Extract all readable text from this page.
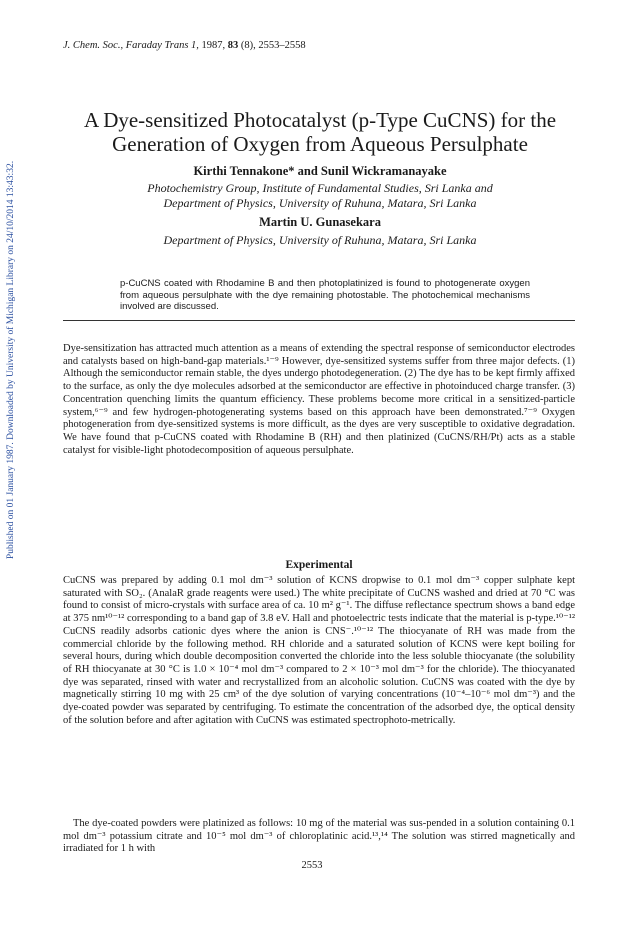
Published on 01 January 1987. Downloaded by University of Michigan Library on 24/10/2014 13:43:32.
J. Chem. Soc., Faraday Trans 1, 1987, 83 (8), 2553–2558
A Dye-sensitized Photocatalyst (p-Type CuCNS) for the
Generation of Oxygen from Aqueous Persulphate
Kirthi Tennakone* and Sunil Wickramanayake
Photochemistry Group, Institute of Fundamental Studies, Sri Lanka and
Department of Physics, University of Ruhuna, Matara, Sri Lanka
Martin U. Gunasekara
Department of Physics, University of Ruhuna, Matara, Sri Lanka
p-CuCNS coated with Rhodamine B and then photoplatinized is found to photogenerate oxygen from aqueous persulphate with the dye remaining photostable. The photochemical mechanisms involved are discussed.
Dye-sensitization has attracted much attention as a means of extending the spectral response of semiconductor electrodes and catalysts based on high-band-gap materials.¹⁻⁹ However, dye-sensitized systems suffer from three major defects. (1) Although the semiconductor remain stable, the dyes undergo photodegeneration. (2) The dye has to be kept firmly affixed to the surface, as only the dye molecules adsorbed at the semiconductor are effective in photoinduced charge transfer. (3) Concentration quenching limits the quantum efficiency. These problems become more critical in a sensitized-particle system,⁶⁻⁹ and few hydrogen-photogenerating systems based on this approach have been demonstrated.⁷⁻⁹ Oxygen photogeneration from dye-sensitized systems is more difficult, as the dyes are very susceptible to oxidative degradation. We have found that p-CuCNS coated with Rhodamine B (RH) and then platinized (CuCNS/RH/Pt) acts as a stable catalyst for visible-light photodecomposition of aqueous persulphate.
Experimental
CuCNS was prepared by adding 0.1 mol dm⁻³ solution of KCNS dropwise to 0.1 mol dm⁻³ copper sulphate kept saturated with SO₂. (AnalaR grade reagents were used.) The white precipitate of CuCNS washed and dried at 70 °C was found to consist of micro-crystals with surface area of ca. 10 m² g⁻¹. The diffuse reflectance spectrum shows a band edge at 375 nm¹⁰⁻¹² corresponding to a band gap of 3.8 eV. Hall and photoelectric tests indicate that the material is p-type.¹⁰⁻¹² CuCNS readily adsorbs cationic dyes where the anion is CNS⁻.¹⁰⁻¹² The thiocyanate of RH was made from the commercial chloride by the following method. RH chloride and a saturated solution of KCNS were kept boiling for several hours, during which double decomposition converted the chloride into the less soluble thiocyanate (the solubility of RH thiocyanate at 30 °C is 1.0 × 10⁻⁴ mol dm⁻³ compared to 2 × 10⁻³ mol dm⁻³ for the chloride). The thiocyanated dye was separated, rinsed with water and recrystallized from an alcoholic solution. CuCNS was coated with the dye by magnetically stirring 10 mg with 25 cm³ of the dye solution of varying concentrations (10⁻⁴–10⁻⁶ mol dm⁻³) and the dye-coated powder was separated by centrifuging. To estimate the concentration of the adsorbed dye, the optical density of the solution before and after agitation with CuCNS was estimated spectrophoto-metrically.
The dye-coated powders were platinized as follows: 10 mg of the material was sus-pended in a solution containing 0.1 mol dm⁻³ potassium citrate and 10⁻⁵ mol dm⁻³ of chloroplatinic acid.¹³,¹⁴ The solution was stirred magnetically and irradiated for 1 h with
2553
